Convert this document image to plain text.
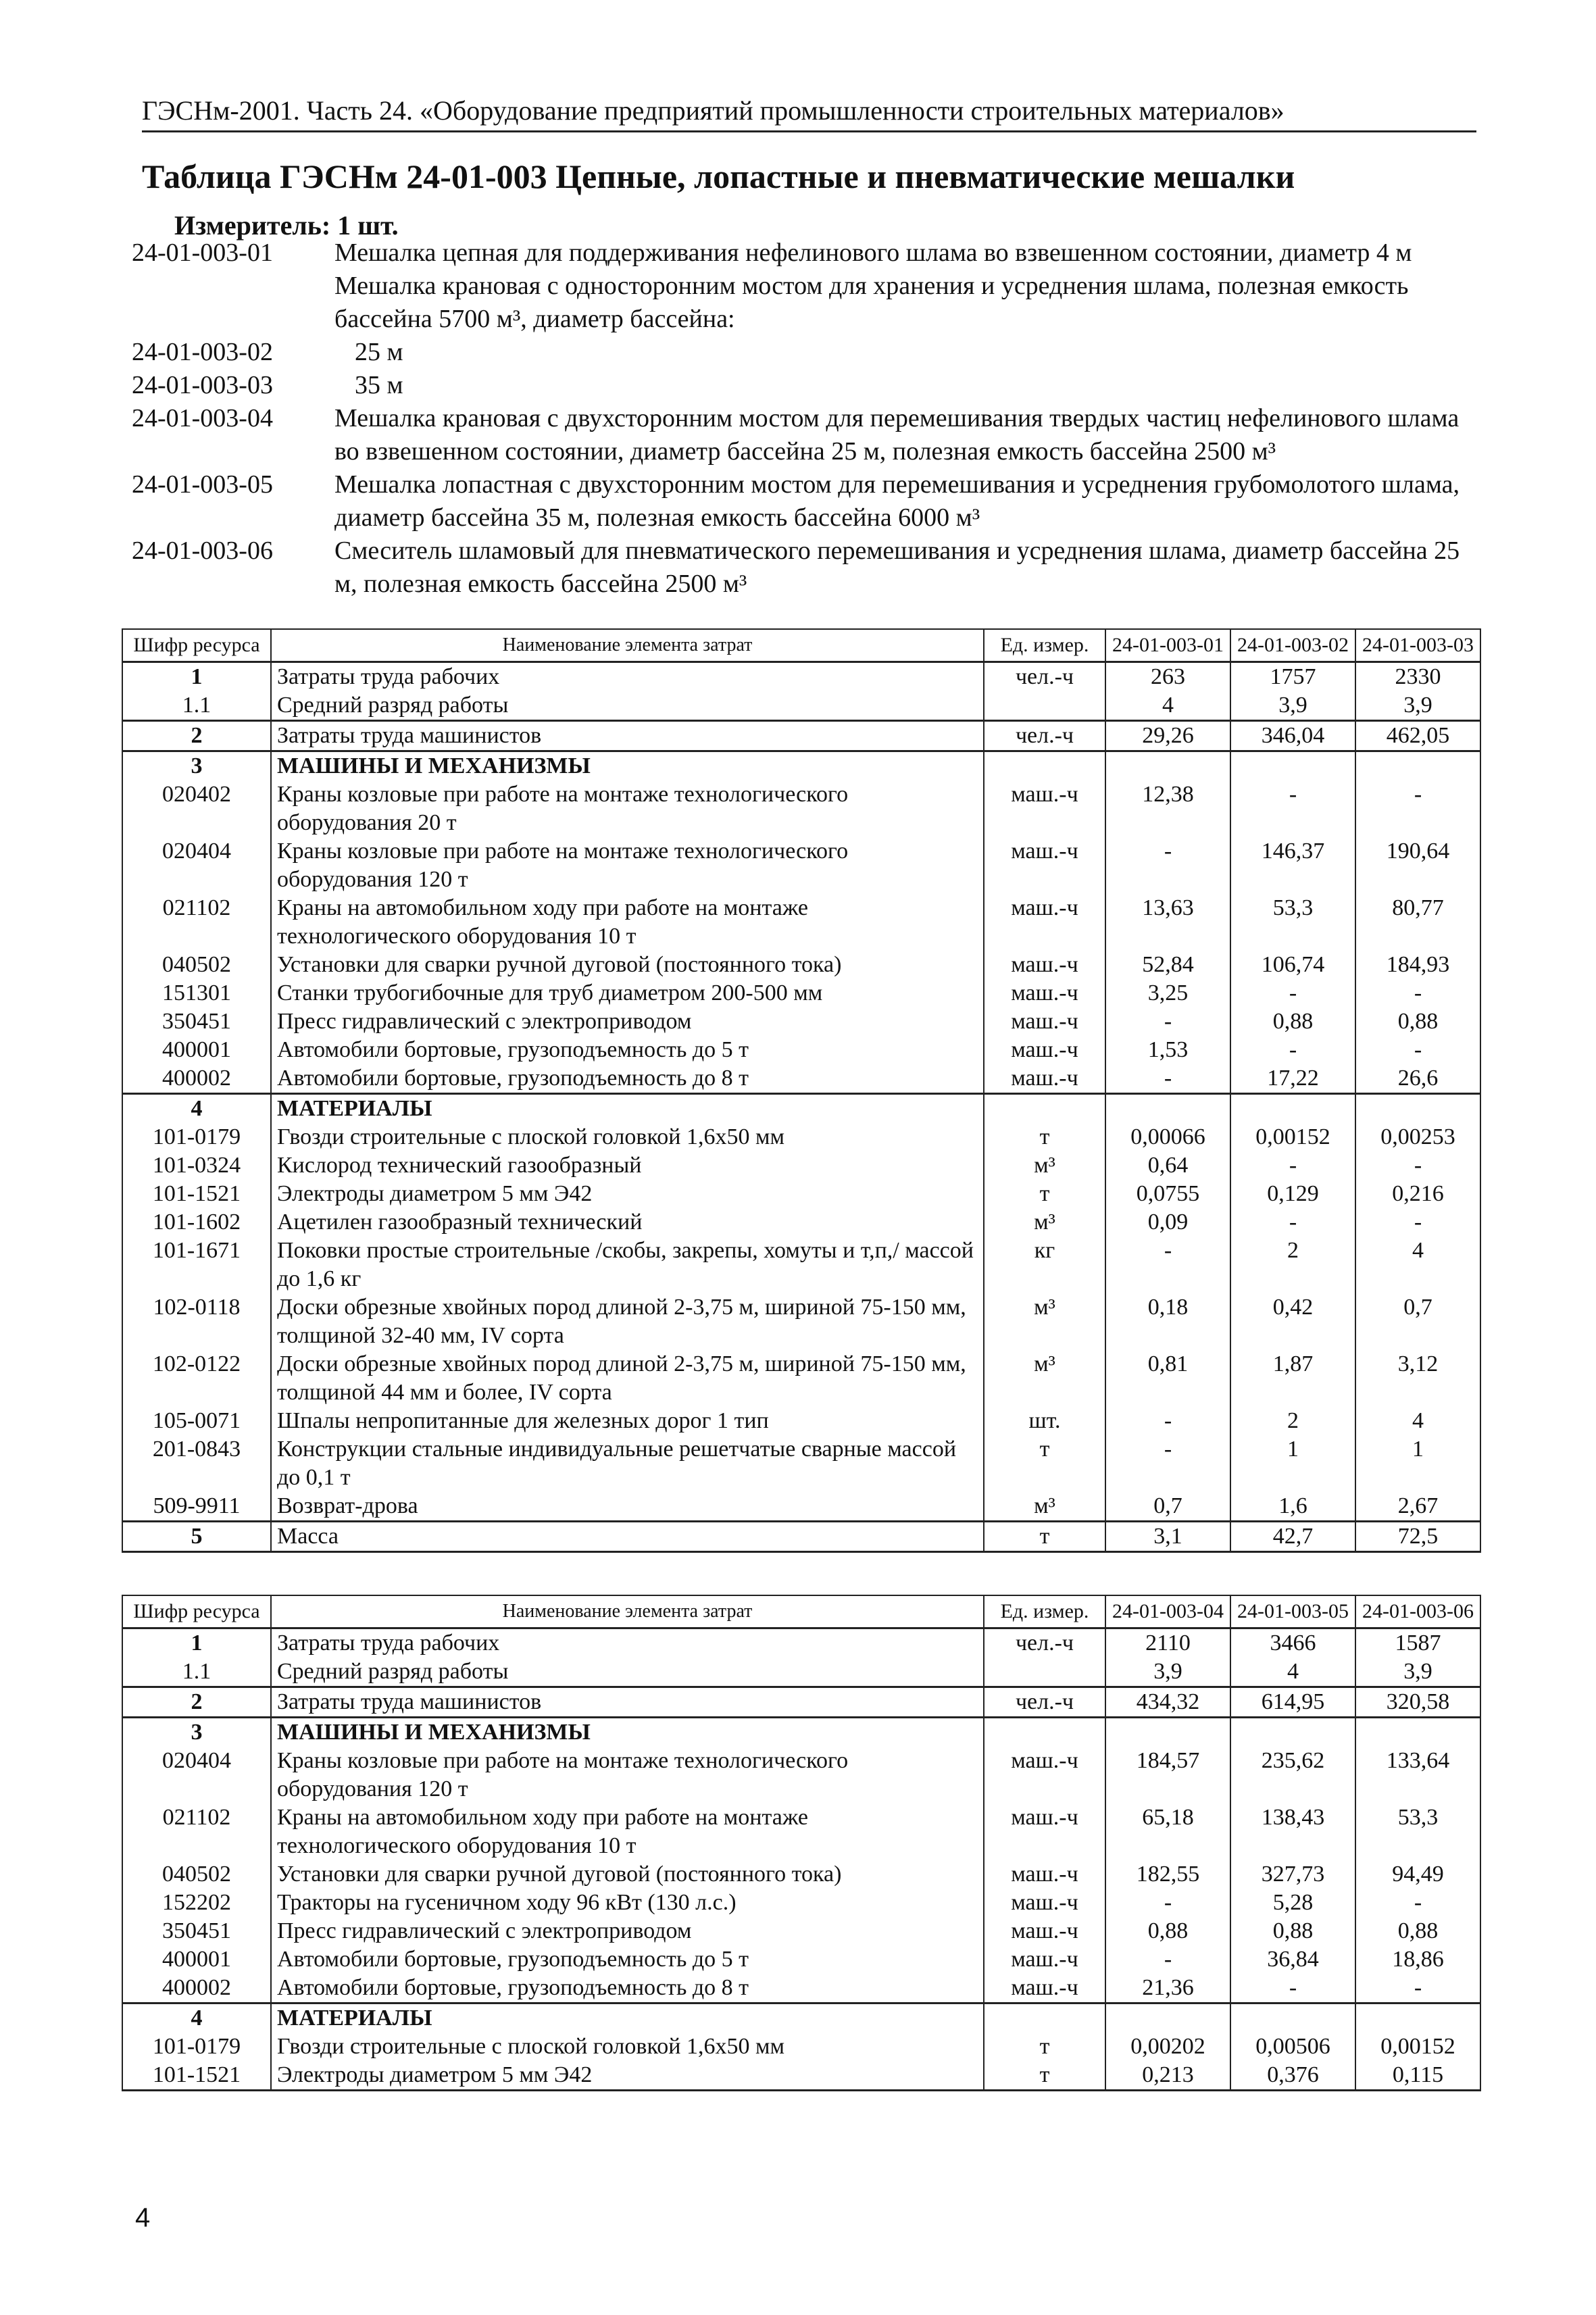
ГЭСНм-2001. Часть 24. «Оборудование предприятий промышленности строительных материалов»
Таблица ГЭСНм 24-01-003 Цепные, лопастные и пневматические мешалки
Измеритель: 1 шт.
24-01-003-01	Мешалка цепная для поддерживания нефелинового шлама во взвешенном состоянии, диаметр 4 м
Мешалка крановая с односторонним мостом для хранения и усреднения шлама, полезная емкость бассейна 5700 м³, диаметр бассейна:
24-01-003-02	25 м
24-01-003-03	35 м
24-01-003-04	Мешалка крановая с двухсторонним мостом для перемешивания твердых частиц нефелинового шлама во взвешенном состоянии, диаметр бассейна 25 м, полезная емкость бассейна 2500 м³
24-01-003-05	Мешалка лопастная с двухсторонним мостом для перемешивания и усреднения грубомолотого шлама, диаметр бассейна 35 м, полезная емкость бассейна 6000 м³
24-01-003-06	Смеситель шламовый для пневматического перемешивания и усреднения шлама, диаметр бассейна 25 м, полезная емкость бассейна 2500 м³
Шифр ресурса	Наименование элемента затрат	Ед. измер.	24-01-003-01	24-01-003-02	24-01-003-03
1	Затраты труда рабочих	чел.-ч	263	1757	2330
1.1	Средний разряд работы		4	3,9	3,9
2	Затраты труда машинистов	чел.-ч	29,26	346,04	462,05
3	МАШИНЫ И МЕХАНИЗМЫ				
020402	Краны козловые при работе на монтаже технологического оборудования 20 т	маш.-ч	12,38	-	-
020404	Краны козловые при работе на монтаже технологического оборудования 120 т	маш.-ч	-	146,37	190,64
021102	Краны на автомобильном ходу при работе на монтаже технологического оборудования 10 т	маш.-ч	13,63	53,3	80,77
040502	Установки для сварки ручной дуговой (постоянного тока)	маш.-ч	52,84	106,74	184,93
151301	Станки трубогибочные для труб диаметром 200-500 мм	маш.-ч	3,25	-	-
350451	Пресс гидравлический с электроприводом	маш.-ч	-	0,88	0,88
400001	Автомобили бортовые, грузоподъемность до 5 т	маш.-ч	1,53	-	-
400002	Автомобили бортовые, грузоподъемность до 8 т	маш.-ч	-	17,22	26,6
4	МАТЕРИАЛЫ				
101-0179	Гвозди строительные с плоской головкой 1,6х50 мм	т	0,00066	0,00152	0,00253
101-0324	Кислород технический газообразный	м³	0,64	-	-
101-1521	Электроды диаметром 5 мм Э42	т	0,0755	0,129	0,216
101-1602	Ацетилен газообразный технический	м³	0,09	-	-
101-1671	Поковки простые строительные /скобы, закрепы, хомуты и т,п,/ массой до 1,6 кг	кг	-	2	4
102-0118	Доски обрезные хвойных пород длиной 2-3,75 м, шириной 75-150 мм, толщиной 32-40 мм, IV сорта	м³	0,18	0,42	0,7
102-0122	Доски обрезные хвойных пород длиной 2-3,75 м, шириной 75-150 мм, толщиной 44 мм и более, IV сорта	м³	0,81	1,87	3,12
105-0071	Шпалы непропитанные для железных дорог 1 тип	шт.	-	2	4
201-0843	Конструкции стальные индивидуальные решетчатые сварные массой до 0,1 т	т	-	1	1
509-9911	Возврат-дрова	м³	0,7	1,6	2,67
5	Масса	т	3,1	42,7	72,5
Шифр ресурса	Наименование элемента затрат	Ед. измер.	24-01-003-04	24-01-003-05	24-01-003-06
1	Затраты труда рабочих	чел.-ч	2110	3466	1587
1.1	Средний разряд работы		3,9	4	3,9
2	Затраты труда машинистов	чел.-ч	434,32	614,95	320,58
3	МАШИНЫ И МЕХАНИЗМЫ				
020404	Краны козловые при работе на монтаже технологического оборудования 120 т	маш.-ч	184,57	235,62	133,64
021102	Краны на автомобильном ходу при работе на монтаже технологического оборудования 10 т	маш.-ч	65,18	138,43	53,3
040502	Установки для сварки ручной дуговой (постоянного тока)	маш.-ч	182,55	327,73	94,49
152202	Тракторы на гусеничном ходу 96 кВт (130 л.с.)	маш.-ч	-	5,28	-
350451	Пресс гидравлический с электроприводом	маш.-ч	0,88	0,88	0,88
400001	Автомобили бортовые, грузоподъемность до 5 т	маш.-ч	-	36,84	18,86
400002	Автомобили бортовые, грузоподъемность до 8 т	маш.-ч	21,36	-	-
4	МАТЕРИАЛЫ				
101-0179	Гвозди строительные с плоской головкой 1,6х50 мм	т	0,00202	0,00506	0,00152
101-1521	Электроды диаметром 5 мм Э42	т	0,213	0,376	0,115
4
